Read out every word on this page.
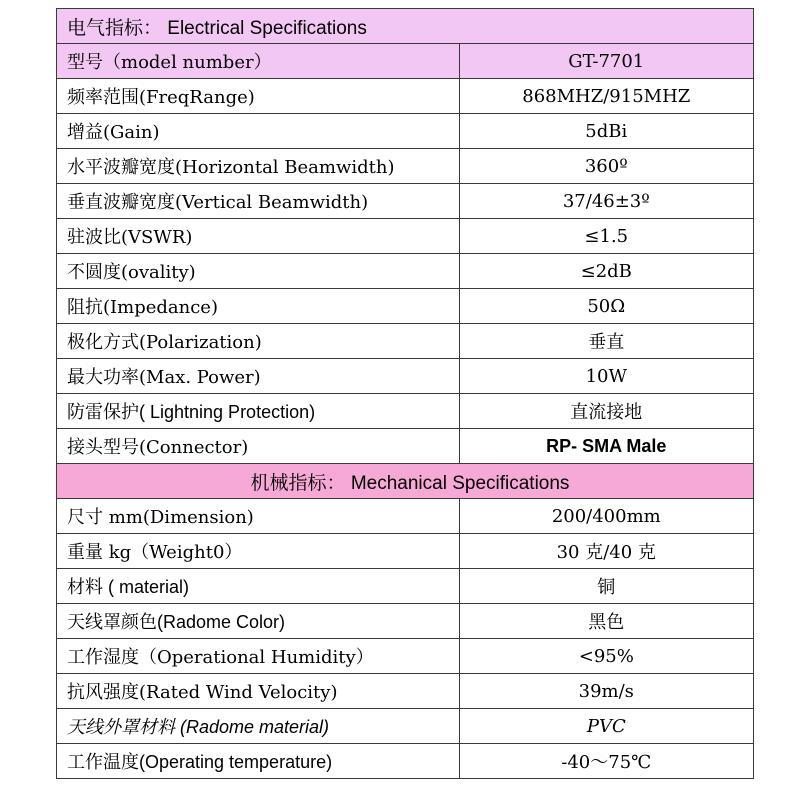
电气指标： Electrical Specifications	
型号（model number）	GT-7701
频率范围(FreqRange)	868MHZ/915MHZ
增益(Gain)	5dBi
水平波瓣宽度(Horizontal Beamwidth)	360º
垂直波瓣宽度(Vertical Beamwidth)	37/46±3º
驻波比(VSWR)	≤1.5
不圆度(ovality)	≤2dB
阻抗(Impedance)	50Ω
极化方式(Polarization)	垂直
最大功率(Max. Power)	10W
防雷保护( Lightning Protection)	直流接地
接头型号(Connector)	RP- SMA Male
机械指标： Mechanical Specifications	
尺寸 mm(Dimension)	200/400mm
重量 kg（Weight0）	30 克/40 克
材料 ( material)	铜
天线罩颜色(Radome Color)	黑色
工作湿度（Operational Humidity）	<95%
抗风强度(Rated Wind Velocity)	39m/s
天线外罩材料 (Radome material)	PVC
工作温度(Operating temperature)	-40～75℃
